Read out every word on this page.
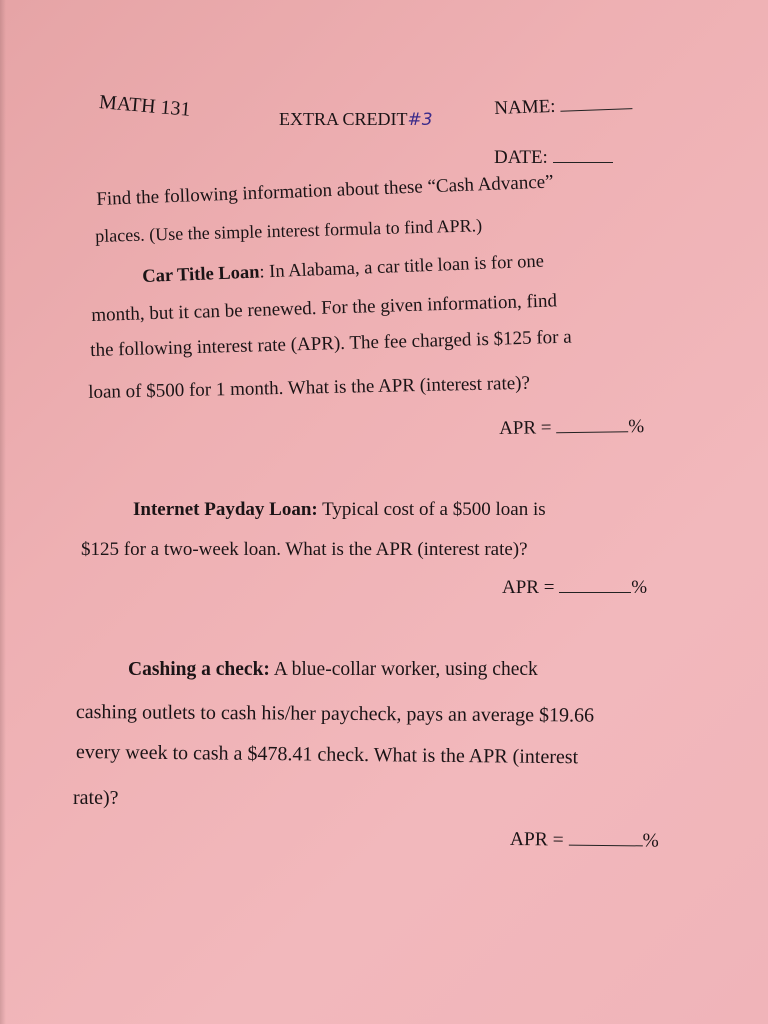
MATH 131	EXTRA CREDIT#3
NAME:
DATE:
Find the following information about these “Cash Advance”
places. (Use the simple interest formula to find APR.)
Car Title Loan: In Alabama, a car title loan is for one
month, but it can be renewed. For the given information, find
the following interest rate (APR). The fee charged is $125 for a
loan of $500 for 1 month. What is the APR (interest rate)?
APR =	%
Internet Payday Loan: Typical cost of a $500 loan is
$125 for a two-week loan. What is the APR (interest rate)?
APR =	%
Cashing a check: A blue-collar worker, using check
cashing outlets to cash his/her paycheck, pays an average $19.66
every week to cash a $478.41 check. What is the APR (interest
rate)?
APR =	%
